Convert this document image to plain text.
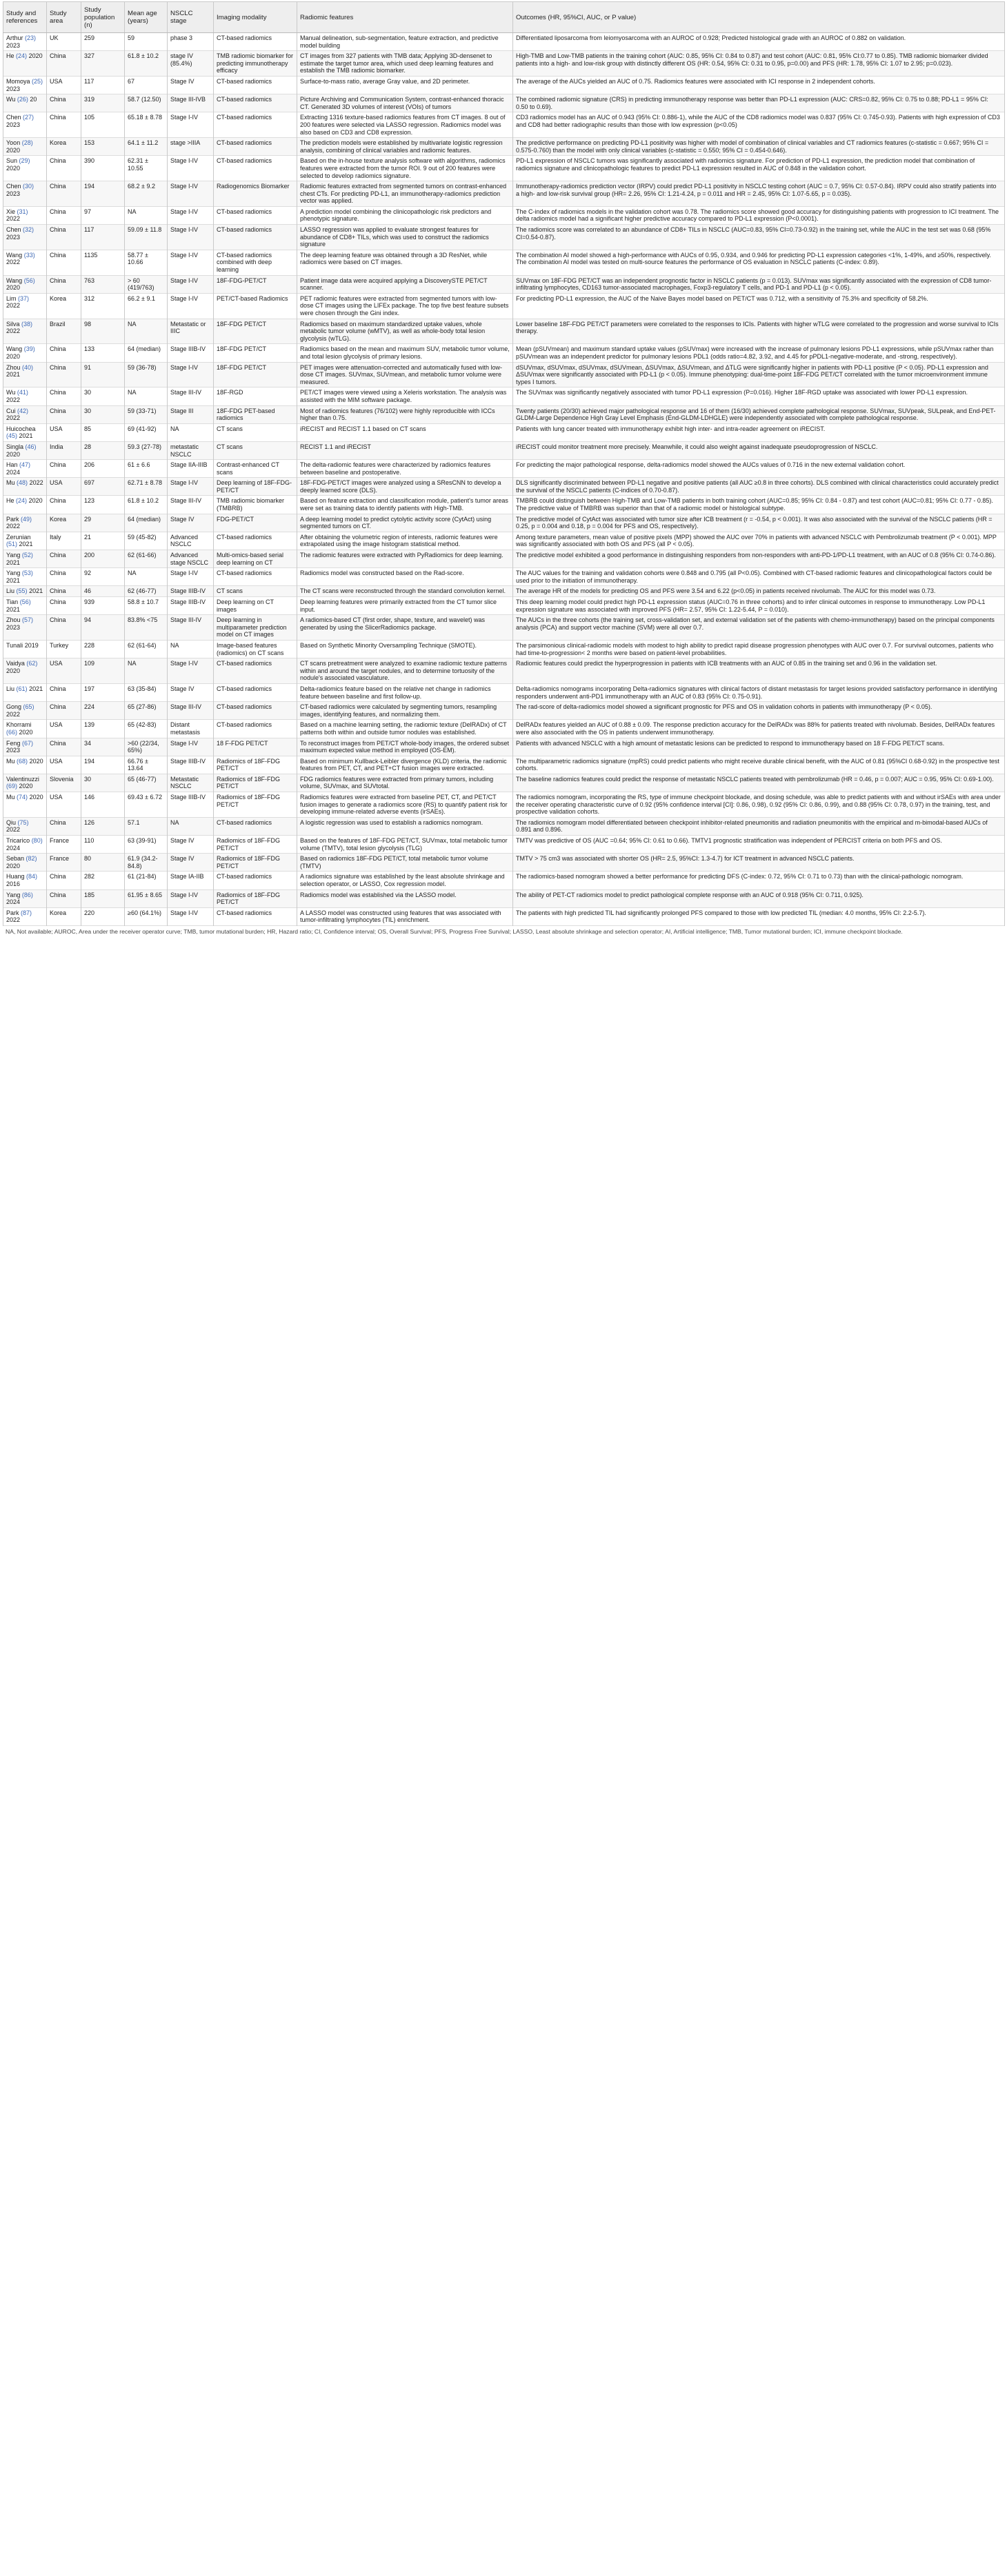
Study and references	Study area	Study population (n)	Mean age (years)	NSCLC stage	Imaging modality	Radiomic features	Outcomes (HR, 95%CI, AUC, or P value)
Arthur (23) 2023	UK	259	59	phase 3	CT-based radiomics	Manual delineation, sub-segmentation, feature extraction, and predictive model building	Differentiated liposarcoma from leiomyosarcoma with an AUROC of 0.928; Predicted histological grade with an AUROC of 0.882 on validation.
He (24) 2020	China	327	61.8 ± 10.2	stage IV (85.4%)	TMB radiomic biomarker for predicting immunotherapy efficacy	CT images from 327 patients with TMB data; Applying 3D-densenet to estimate the target tumor area, which used deep learning features and establish the TMB radiomic biomarker.	High-TMB and Low-TMB patients in the training cohort (AUC: 0.85, 95% CI: 0.84 to 0.87) and test cohort (AUC: 0.81, 95% CI:0.77 to 0.85). TMB radiomic biomarker divided patients into a high- and low-risk group with distinctly different OS (HR: 0.54, 95% CI: 0.31 to 0.95, p=0.00) and PFS (HR: 1.78, 95% CI: 1.07 to 2.95; p=0.023).
Momoya (25) 2023	USA	117	67	Stage IV	CT-based radiomics	Surface-to-mass ratio, average Gray value, and 2D perimeter.	The average of the AUCs yielded an AUC of 0.75. Radiomics features were associated with ICI response in 2 independent cohorts.
Wu (26) 20	China	319	58.7 (12.50)	Stage III-IVB	CT-based radiomics	Picture Archiving and Communication System, contrast-enhanced thoracic CT. Generated 3D volumes of interest (VOIs) of tumors	The combined radiomic signature (CRS) in predicting immunotherapy response was better than PD-L1 expression (AUC: CRS=0.82, 95% CI: 0.75 to 0.88; PD-L1 = 95% CI: 0.50 to 0.69).
Chen (27) 2023	China	105	65.18 ± 8.78	Stage I-IV	CT-based radiomics	Extracting 1316 texture-based radiomics features from CT images. 8 out of 200 features were selected via LASSO regression. Radiomics model was also based on CD3 and CD8 expression.	CD3 radiomics model has an AUC of 0.943 (95% CI: 0.886-1), while the AUC of the CD8 radiomics model was 0.837 (95% CI: 0.745-0.93). Patients with high expression of CD3 and CD8 had better radiographic results than those with low expression (p<0.05)
Yoon (28) 2020	Korea	153	64.1 ± 11.2	stage >IIIA	CT-based radiomics	The prediction models were established by multivariate logistic regression analysis, combining of clinical variables and radiomic features.	The predictive performance on predicting PD-L1 positivity was higher with model of combination of clinical variables and CT radiomics features (c-statistic = 0.667; 95% CI = 0.575-0.760) than the model with only clinical variables (c-statistic = 0.550; 95% CI = 0.454-0.646).
Sun (29) 2020	China	390	62.31 ± 10.55	Stage I-IV	CT-based radiomics	Based on the in-house texture analysis software with algorithms, radiomics features were extracted from the tumor ROI. 9 out of 200 features were selected to develop radiomics signature.	PD-L1 expression of NSCLC tumors was significantly associated with radiomics signature. For prediction of PD-L1 expression, the prediction model that combination of radiomics signature and clinicopathologic features to predict PD-L1 expression resulted in AUC of 0.848 in the validation cohort.
Chen (30) 2023	China	194	68.2 ± 9.2	Stage I-IV	Radiogenomics Biomarker	Radiomic features extracted from segmented tumors on contrast-enhanced chest CTs. For predicting PD-L1, an immunotherapy-radiomics prediction vector was applied.	Immunotherapy-radiomics prediction vector (IRPV) could predict PD-L1 positivity in NSCLC testing cohort (AUC = 0.7, 95% CI: 0.57-0.84). IRPV could also stratify patients into a high- and low-risk survival group (HR= 2.26, 95% CI: 1.21-4.24, p = 0.011 and HR = 2.45, 95% CI: 1.07-5.65, p = 0.035).
Xie (31) 2022	China	97	NA	Stage I-IV	CT-based radiomics	A prediction model combining the clinicopathologic risk predictors and phenotypic signature.	The C-index of radiomics models in the validation cohort was 0.78. The radiomics score showed good accuracy for distinguishing patients with progression to ICI treatment. The delta radiomics model had a significant higher predictive accuracy compared to PD-L1 expression (P<0.0001).
Chen (32) 2023	China	117	59.09 ± 11.8	Stage I-IV	CT-based radiomics	LASSO regression was applied to evaluate strongest features for abundance of CD8+ TILs, which was used to construct the radiomics signature	The radiomics score was correlated to an abundance of CD8+ TILs in NSCLC (AUC=0.83, 95% CI=0.73-0.92) in the training set, while the AUC in the test set was 0.68 (95% CI=0.54-0.87).
Wang (33) 2022	China	1135	58.77 ± 10.66	Stage I-IV	CT-based radiomics combined with deep learning	The deep learning feature was obtained through a 3D ResNet, while radiomics were based on CT images.	The combination AI model showed a high-performance with AUCs of 0.95, 0.934, and 0.946 for predicting PD-L1 expression categories <1%, 1-49%, and ≥50%, respectively. The combination AI model was tested on multi-source features the performance of OS evaluation in NSCLC patients (C-index: 0.89).
Wang (56) 2020	China	763	> 60 (419/763)	Stage I-IV	18F-FDG-PET/CT	Patient image data were acquired applying a DiscoverySTE PET/CT scanner.	SUVmax on 18F-FDG PET/CT was an independent prognostic factor in NSCLC patients (p = 0.013). SUVmax was significantly associated with the expression of CD8 tumor-infiltrating lymphocytes, CD163 tumor-associated macrophages, Foxp3-regulatory T cells, and PD-1 and PD-L1 (p < 0.05).
Lim (37) 2022	Korea	312	66.2 ± 9.1	Stage I-IV	PET/CT-based Radiomics	PET radiomic features were extracted from segmented tumors with low-dose CT images using the LIFEx package. The top five best feature subsets were chosen through the Gini index.	For predicting PD-L1 expression, the AUC of the Naive Bayes model based on PET/CT was 0.712, with a sensitivity of 75.3% and specificity of 58.2%.
Silva (38) 2022	Brazil	98	NA	Metastatic or IIIC	18F-FDG PET/CT	Radiomics based on maximum standardized uptake values, whole metabolic tumor volume (wMTV), as well as whole-body total lesion glycolysis (wTLG).	Lower baseline 18F-FDG PET/CT parameters were correlated to the responses to ICIs. Patients with higher wTLG were correlated to the progression and worse survival to ICIs therapy.
Wang (39) 2020	China	133	64 (median)	Stage IIIB-IV	18F-FDG PET/CT	Radiomics based on the mean and maximum SUV, metabolic tumor volume, and total lesion glycolysis of primary lesions.	Mean (pSUVmean) and maximum standard uptake values (pSUVmax) were increased with the increase of pulmonary lesions PD-L1 expressions, while pSUVmax rather than pSUVmean was an independent predictor for pulmonary lesions PDL1 (odds ratio=4.82, 3.92, and 4.45 for pPDL1-negative-moderate, and -strong, respectively).
Zhou (40) 2021	China	91	59 (36-78)	Stage I-IV	18F-FDG PET/CT	PET images were attenuation-corrected and automatically fused with low-dose CT images. SUVmax, SUVmean, and metabolic tumor volume were measured.	dSUVmax, dSUVmax, dSUVmax, dSUVmean, ΔSUVmax, ΔSUVmean, and ΔTLG were significantly higher in patients with PD-L1 positive (P < 0.05). PD-L1 expression and ΔSUVmax were significantly associated with PD-L1 (p < 0.05). Immune phenotyping: dual-time-point 18F-FDG PET/CT correlated with the tumor microenvironment immune types I tumors.
Wu (41) 2022	China	30	NA	Stage III-IV	18F-RGD	PET/CT images were viewed using a Xeleris workstation. The analysis was assisted with the MIM software package.	The SUVmax was significantly negatively associated with tumor PD-L1 expression (P=0.016). Higher 18F-RGD uptake was associated with lower PD-L1 expression.
Cui (42) 2022	China	30	59 (33-71)	Stage III	18F-FDG PET-based radiomics	Most of radiomics features (76/102) were highly reproducible with ICCs higher than 0.75.	Twenty patients (20/30) achieved major pathological response and 16 of them (16/30) achieved complete pathological response. SUVmax, SUVpeak, SULpeak, and End-PET-GLDM-Large Dependence High Gray Level Emphasis (End-GLDM-LDHGLE) were independently associated with complete pathological response.
Huicochea (45) 2021	USA	85	69 (41-92)	NA	CT scans	iRECIST and RECIST 1.1 based on CT scans	Patients with lung cancer treated with immunotherapy exhibit high inter- and intra-reader agreement on iRECIST.
Singla (46) 2020	India	28	59.3 (27-78)	metastatic NSCLC	CT scans	RECIST 1.1 and iRECIST	iRECIST could monitor treatment more precisely. Meanwhile, it could also weight against inadequate pseudoprogression of NSCLC.
Han (47) 2024	China	206	61 ± 6.6	Stage IIA-IIIB	Contrast-enhanced CT scans	The delta-radiomic features were characterized by radiomics features between baseline and postoperative.	For predicting the major pathological response, delta-radiomics model showed the AUCs values of 0.716 in the new external validation cohort.
Mu (48) 2022	USA	697	62.71 ± 8.78	Stage I-IV	Deep learning of 18F-FDG-PET/CT	18F-FDG-PET/CT images were analyzed using a SResCNN to develop a deeply learned score (DLS).	DLS significantly discriminated between PD-L1 negative and positive patients (all AUC ≥0.8 in three cohorts). DLS combined with clinical characteristics could accurately predict the survival of the NSCLC patients (C-indices of 0.70-0.87).
He (24) 2020	China	123	61.8 ± 10.2	Stage III-IV	TMB radiomic biomarker (TMBRB)	Based on feature extraction and classification module, patient's tumor areas were set as training data to identify patients with High-TMB.	TMBRB could distinguish between High-TMB and Low-TMB patients in both training cohort (AUC=0.85; 95% CI: 0.84 - 0.87) and test cohort (AUC=0.81; 95% CI: 0.77 - 0.85). The predictive value of TMBRB was superior than that of a radiomic model or histological subtype.
Park (49) 2022	Korea	29	64 (median)	Stage IV	FDG-PET/CT	A deep learning model to predict cytolytic activity score (CytAct) using segmented tumors on CT.	The predictive model of CytAct was associated with tumor size after ICB treatment (r = -0.54, p < 0.001). It was also associated with the survival of the NSCLC patients (HR = 0.25, p = 0.004 and 0.18, p = 0.004 for PFS and OS, respectively).
Zerunian (51) 2021	Italy	21	59 (45-82)	Advanced NSCLC	CT-based radiomics	After obtaining the volumetric region of interests, radiomic features were extrapolated using the image histogram statistical method.	Among texture parameters, mean value of positive pixels (MPP) showed the AUC over 70% in patients with advanced NSCLC with Pembrolizumab treatment (P < 0.001). MPP was significantly associated with both OS and PFS (all P < 0.05).
Yang (52) 2021	China	200	62 (61-66)	Advanced stage NSCLC	Multi-omics-based serial deep learning on CT	The radiomic features were extracted with PyRadiomics for deep learning.	The predictive model exhibited a good performance in distinguishing responders from non-responders with anti-PD-1/PD-L1 treatment, with an AUC of 0.8 (95% CI: 0.74-0.86).
Yang (53) 2021	China	92	NA	Stage I-IV	CT-based radiomics	Radiomics model was constructed based on the Rad-score.	The AUC values for the training and validation cohorts were 0.848 and 0.795 (all P<0.05). Combined with CT-based radiomic features and clinicopathological factors could be used prior to the initiation of immunotherapy.
Liu (55) 2021	China	46	62 (46-77)	Stage IIIB-IV	CT scans	The CT scans were reconstructed through the standard convolution kernel.	The average HR of the models for predicting OS and PFS were 3.54 and 6.22 (p<0.05) in patients received nivolumab. The AUC for this model was 0.73.
Tian (56) 2021	China	939	58.8 ± 10.7	Stage IIIB-IV	Deep learning on CT images	Deep learning features were primarily extracted from the CT tumor slice input.	This deep learning model could predict high PD-L1 expression status (AUC=0.76 in three cohorts) and to infer clinical outcomes in response to immunotherapy. Low PD-L1 expression signature was associated with improved PFS (HR= 2.57, 95% CI: 1.22-5.44, P = 0.010).
Zhou (57) 2023	China	94	83.8% <75	Stage III-IV	Deep learning in multiparameter prediction model on CT images	A radiomics-based CT (first order, shape, texture, and wavelet) was generated by using the SlicerRadiomics package.	The AUCs in the three cohorts (the training set, cross-validation set, and external validation set of the patients with chemo-immunotherapy) based on the principal components analysis (PCA) and support vector machine (SVM) were all over 0.7.
Tunali 2019	Turkey	228	62 (61-64)	NA	Image-based features (radiomics) on CT scans	Based on Synthetic Minority Oversampling Technique (SMOTE).	The parsimonious clinical-radiomic models with modest to high ability to predict rapid disease progression phenotypes with AUC over 0.7. For survival outcomes, patients who had time-to-progression< 2 months were based on patient-level probabilities.
Vaidya (62) 2020	USA	109	NA	Stage I-IV	CT-based radiomics	CT scans pretreatment were analyzed to examine radiomic texture patterns within and around the target nodules, and to determine tortuosity of the nodule's associated vasculature.	Radiomic features could predict the hyperprogression in patients with ICB treatments with an AUC of 0.85 in the training set and 0.96 in the validation set.
Liu (61) 2021	China	197	63 (35-84)	Stage IV	CT-based radiomics	Delta-radiomics feature based on the relative net change in radiomics feature between baseline and first follow-up.	Delta-radiomics nomograms incorporating Delta-radiomics signatures with clinical factors of distant metastasis for target lesions provided satisfactory performance in identifying responders underwent anti-PD1 immunotherapy with an AUC of 0.83 (95% CI: 0.75-0.91).
Gong (65) 2022	China	224	65 (27-86)	Stage III-IV	CT-based radiomics	CT-based radiomics were calculated by segmenting tumors, resampling images, identifying features, and normalizing them.	The rad-score of delta-radiomics model showed a significant prognostic for PFS and OS in validation cohorts in patients with immunotherapy (P < 0.05).
Khorrami (66) 2020	USA	139	65 (42-83)	Distant metastasis	CT-based radiomics	Based on a machine learning setting, the radiomic texture (DelRADx) of CT patterns both within and outside tumor nodules was established.	DelRADx features yielded an AUC of 0.88 ± 0.09. The response prediction accuracy for the DelRADx was 88% for patients treated with nivolumab. Besides, DelRADx features were also associated with the OS in patients underwent immunotherapy.
Feng (67) 2023	China	34	>60 (22/34, 65%)	Stage I-IV	18 F-FDG PET/CT	To reconstruct images from PET/CT whole-body images, the ordered subset maximum expected value method in employed (OS-EM).	Patients with advanced NSCLC with a high amount of metastatic lesions can be predicted to respond to immunotherapy based on 18 F-FDG PET/CT scans.
Mu (68) 2020	USA	194	66.76 ± 13.64	Stage IIIB-IV	Radiomics of 18F-FDG PET/CT	Based on minimum Kullback-Leibler divergence (KLD) criteria, the radiomic features from PET, CT, and PET+CT fusion images were extracted.	The multiparametric radiomics signature (mpRS) could predict patients who might receive durable clinical benefit, with the AUC of 0.81 (95%CI 0.68-0.92) in the prospective test cohorts.
Valentinuzzi (69) 2020	Slovenia	30	65 (46-77)	Metastatic NSCLC	Radiomics of 18F-FDG PET/CT	FDG radiomics features were extracted from primary tumors, including volume, SUVmax, and SUVtotal.	The baseline radiomics features could predict the response of metastatic NSCLC patients treated with pembrolizumab (HR = 0.46, p = 0.007; AUC = 0.95, 95% CI: 0.69-1.00).
Mu (74) 2020	USA	146	69.43 ± 6.72	Stage IIIB-IV	Radiomics of 18F-FDG PET/CT	Radiomics features were extracted from baseline PET, CT, and PET/CT fusion images to generate a radiomics score (RS) to quantify patient risk for developing immune-related adverse events (irSAEs).	The radiomics nomogram, incorporating the RS, type of immune checkpoint blockade, and dosing schedule, was able to predict patients with and without irSAEs with area under the receiver operating characteristic curve of 0.92 (95% confidence interval [CI]: 0.86, 0.98), 0.92 (95% CI: 0.86, 0.99), and 0.88 (95% CI: 0.78, 0.97) in the training, test, and prospective validation cohorts.
Qiu (75) 2022	China	126	57.1	NA	CT-based radiomics	A logistic regression was used to establish a radiomics nomogram.	The radiomics nomogram model differentiated between checkpoint inhibitor-related pneumonitis and radiation pneumonitis with the empirical and m-bimodal-based AUCs of 0.891 and 0.896.
Tricarico (80) 2024	France	110	63 (39-91)	Stage IV	Radiomics of 18F-FDG PET/CT	Based on the features of 18F-FDG PET/CT, SUVmax, total metabolic tumor volume (TMTV), total lesion glycolysis (TLG)	TMTV was predictive of OS (AUC =0.64; 95% CI: 0.61 to 0.66). TMTV1 prognostic stratification was independent of PERCIST criteria on both PFS and OS.
Seban (82) 2020	France	80	61.9 (34.2-84.8)	Stage IV	Radiomics of 18F-FDG PET/CT	Based on radiomics 18F-FDG PET/CT, total metabolic tumor volume (TMTV)	TMTV > 75 cm3 was associated with shorter OS (HR= 2.5, 95%CI: 1.3-4.7) for ICT treatment in advanced NSCLC patients.
Huang (84) 2016	China	282	61 (21-84)	Stage IA-IIB	CT-based radiomics	A radiomics signature was established by the least absolute shrinkage and selection operator, or LASSO, Cox regression model.	The radiomics-based nomogram showed a better performance for predicting DFS (C-index: 0.72, 95% CI: 0.71 to 0.73) than with the clinical-pathologic nomogram.
Yang (86) 2024	China	185	61.95 ± 8.65	Stage I-IV	Radiomics of 18F-FDG PET/CT	Radiomics model was established via the LASSO model.	The ability of PET-CT radiomics model to predict pathological complete response with an AUC of 0.918 (95% CI: 0.711, 0.925).
Park (87) 2022	Korea	220	≥60 (64.1%)	Stage I-IV	CT-based radiomics	A LASSO model was constructed using features that was associated with tumor-infiltrating lymphocytes (TIL) enrichment.	The patients with high predicted TIL had significantly prolonged PFS compared to those with low predicted TIL (median: 4.0 months, 95% CI: 2.2-5.7).
NA, Not available; AUROC, Area under the receiver operator curve; TMB, tumor mutational burden; HR, Hazard ratio; CI, Confidence interval; OS, Overall Survival; PFS, Progress Free Survival; LASSO, Least absolute shrinkage and selection operator; AI, Artificial intelligence; TMB, Tumor mutational burden; ICI, immune checkpoint blockade.
